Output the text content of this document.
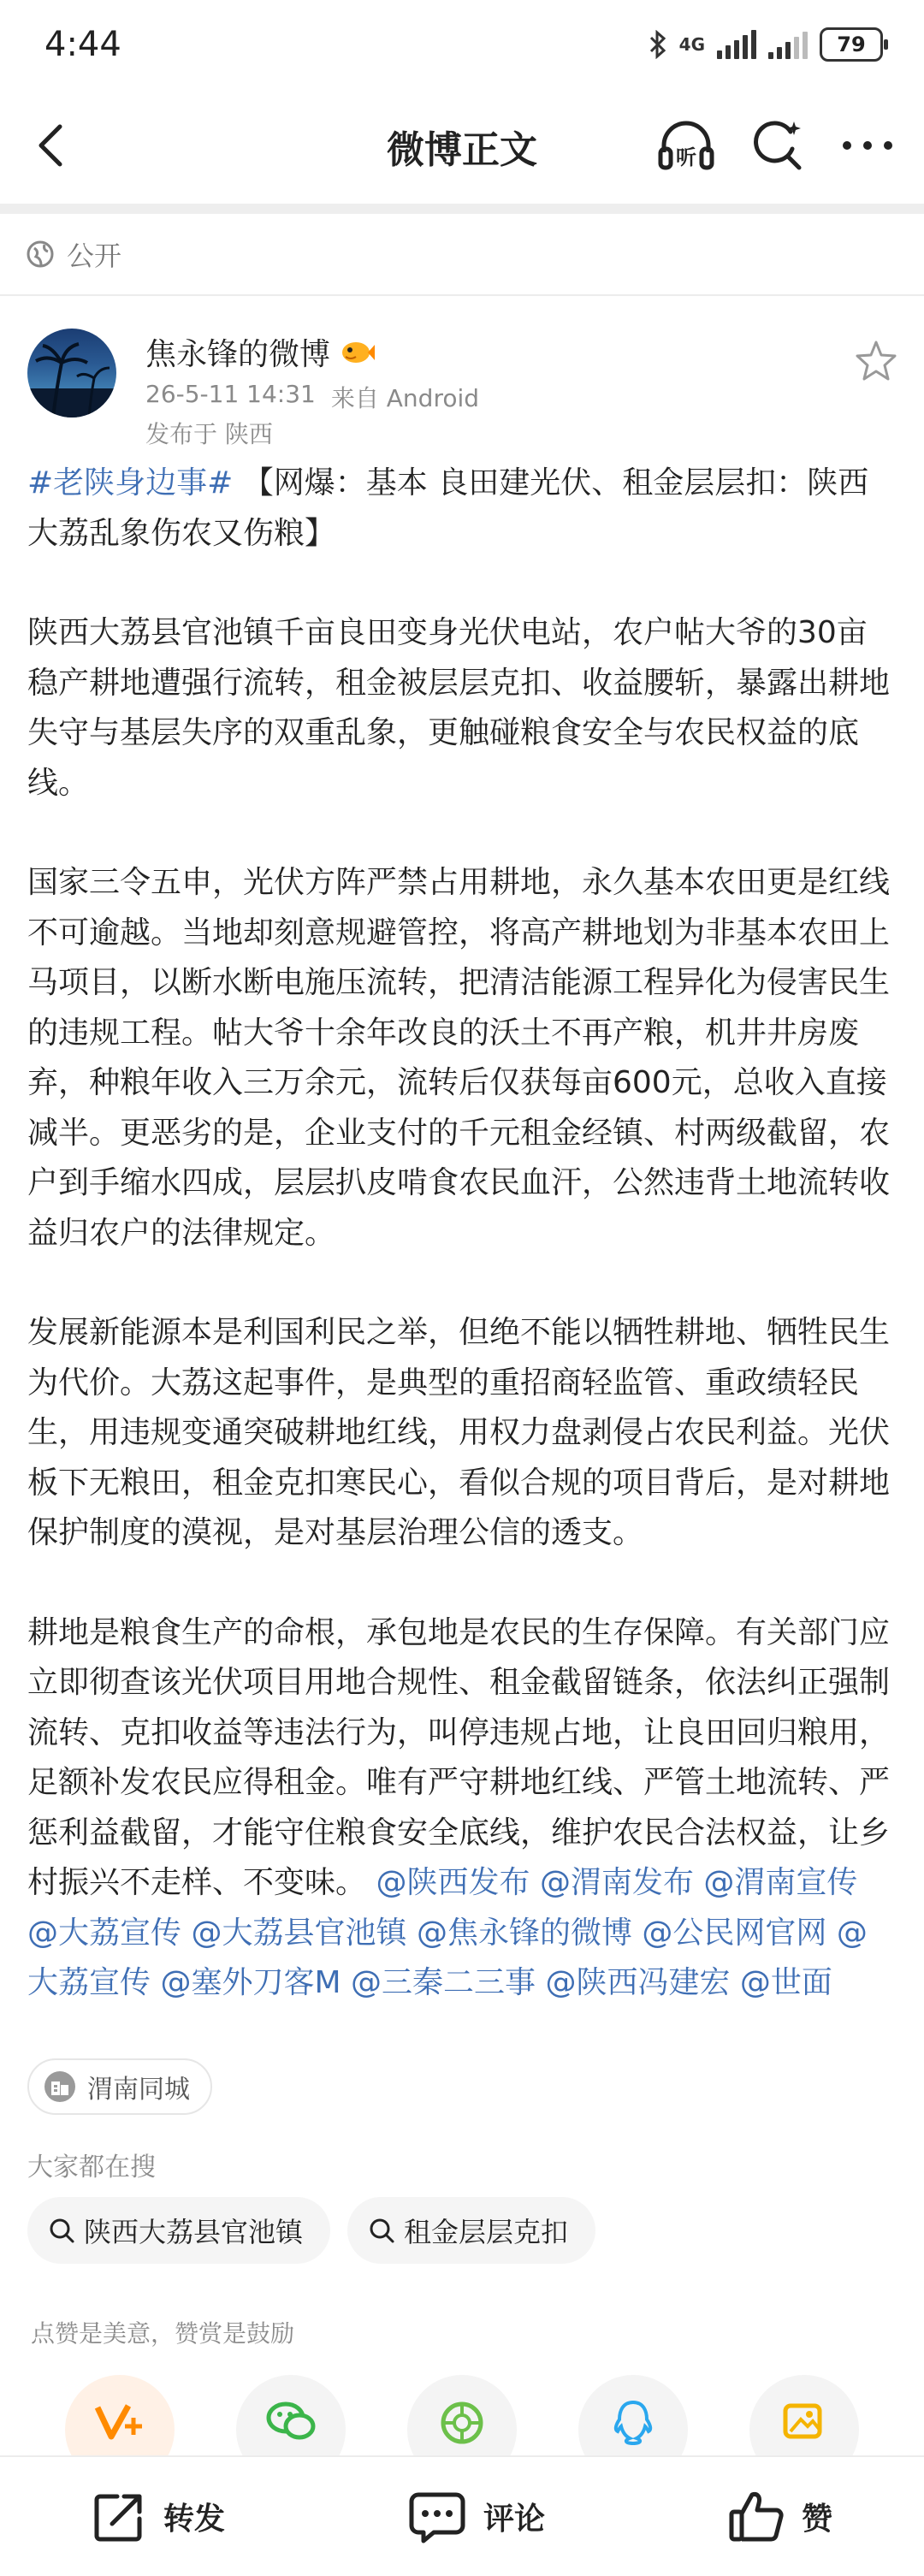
4:44	4G	79
微博正文	听
公开
焦永锋的微博
26-5-11 14:31 来自 Android
发布于 陕西

#老陕身边事# 【网爆：基本 良田建光伏、租金层层扣：陕西大荔乱象伤农又伤粮】

陕西大荔县官池镇千亩良田变身光伏电站，农户帖大爷的30亩稳产耕地遭强行流转，租金被层层克扣、收益腰斩，暴露出耕地失守与基层失序的双重乱象，更触碰粮食安全与农民权益的底线。

国家三令五申，光伏方阵严禁占用耕地，永久基本农田更是红线不可逾越。当地却刻意规避管控，将高产耕地划为非基本农田上马项目，以断水断电施压流转，把清洁能源工程异化为侵害民生的违规工程。帖大爷十余年改良的沃土不再产粮，机井井房废弃，种粮年收入三万余元，流转后仅获每亩600元，总收入直接减半。更恶劣的是，企业支付的千元租金经镇、村两级截留，农户到手缩水四成，层层扒皮啃食农民血汗，公然违背土地流转收益归农户的法律规定。

发展新能源本是利国利民之举，但绝不能以牺牲耕地、牺牲民生为代价。大荔这起事件，是典型的重招商轻监管、重政绩轻民生，用违规变通突破耕地红线，用权力盘剥侵占农民利益。光伏板下无粮田，租金克扣寒民心，看似合规的项目背后，是对耕地保护制度的漠视，是对基层治理公信的透支。

耕地是粮食生产的命根，承包地是农民的生存保障。有关部门应立即彻查该光伏项目用地合规性、租金截留链条，依法纠正强制流转、克扣收益等违法行为，叫停违规占地，让良田回归粮用，足额补发农民应得租金。唯有严守耕地红线、严管土地流转、严惩利益截留，才能守住粮食安全底线，维护农民合法权益，让乡村振兴不走样、不变味。 @陕西发布 @渭南发布 @渭南宣传 @大荔宣传 @大荔县官池镇 @焦永锋的微博 @公民网官网 @大荔宣传 @塞外刀客M @三秦二三事 @陕西冯建宏 @世面

渭南同城
大家都在搜
陕西大荔县官池镇	租金层层克扣
点赞是美意，赞赏是鼓励
转发	评论	赞
